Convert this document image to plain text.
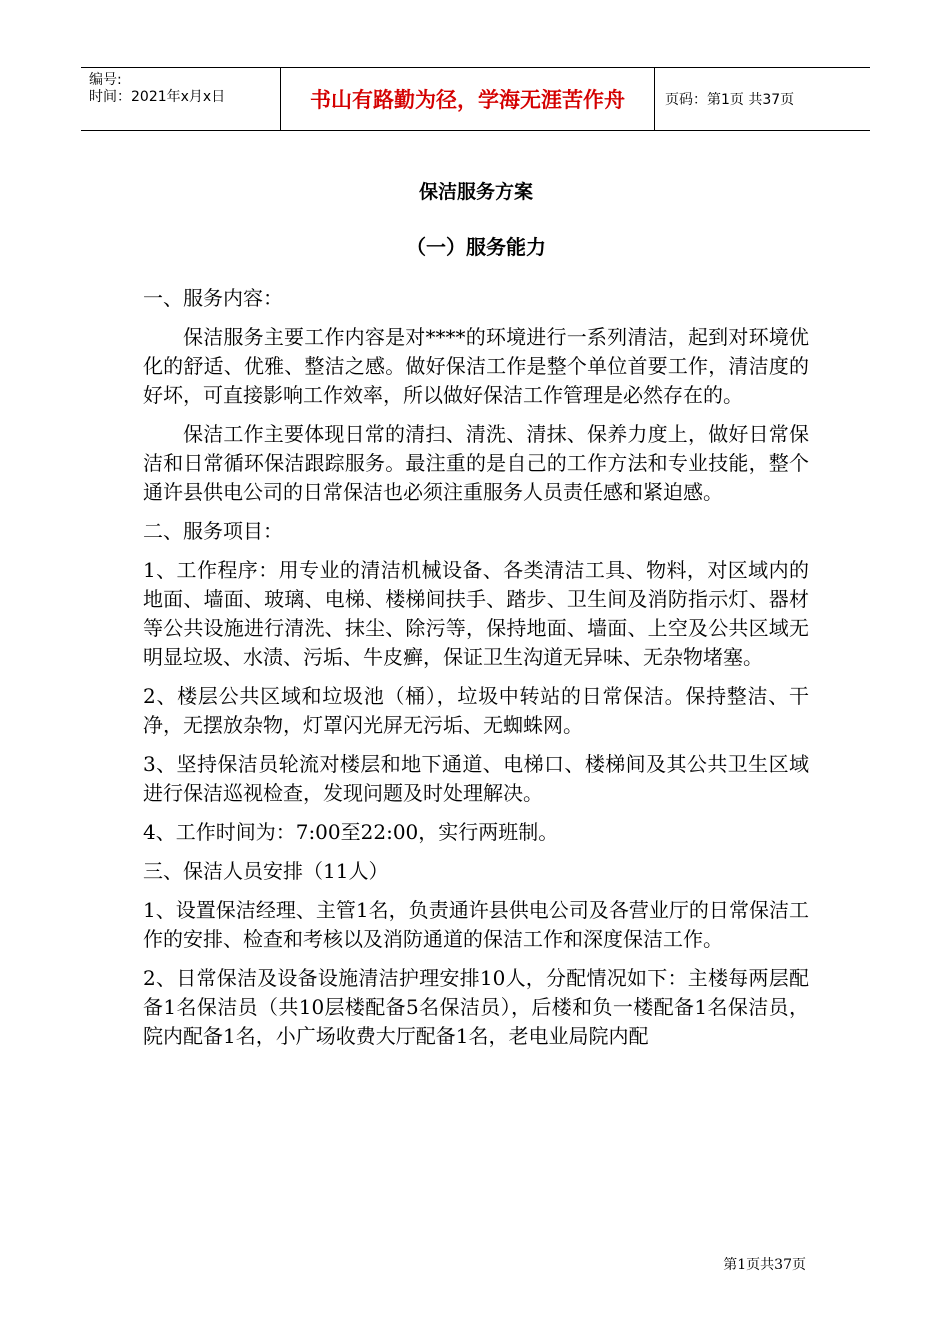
编号:
时间：2021年x月x日	书山有路勤为径，学海无涯苦作舟	页码：第1页 共37页
保洁服务方案
（一）服务能力

一、服务内容：

保洁服务主要工作内容是对****的环境进行一系列清洁，起到对环境优化的舒适、优雅、整洁之感。做好保洁工作是整个单位首要工作，清洁度的好坏，可直接影响工作效率，所以做好保洁工作管理是必然存在的。

保洁工作主要体现日常的清扫、清洗、清抹、保养力度上，做好日常保洁和日常循环保洁跟踪服务。最注重的是自己的工作方法和专业技能，整个通许县供电公司的日常保洁也必须注重服务人员责任感和紧迫感。

二、服务项目：

1、工作程序：用专业的清洁机械设备、各类清洁工具、物料，对区域内的地面、墙面、玻璃、电梯、楼梯间扶手、踏步、卫生间及消防指示灯、器材等公共设施进行清洗、抹尘、除污等，保持地面、墙面、上空及公共区域无明显垃圾、水渍、污垢、牛皮癣，保证卫生沟道无异味、无杂物堵塞。

2、楼层公共区域和垃圾池（桶），垃圾中转站的日常保洁。保持整洁、干净，无摆放杂物，灯罩闪光屏无污垢、无蜘蛛网。

3、坚持保洁员轮流对楼层和地下通道、电梯口、楼梯间及其公共卫生区域进行保洁巡视检查，发现问题及时处理解决。

4、工作时间为：7:00至22:00，实行两班制。

三、保洁人员安排（11人）

1、设置保洁经理、主管1名，负责通许县供电公司及各营业厅的日常保洁工作的安排、检查和考核以及消防通道的保洁工作和深度保洁工作。

2、日常保洁及设备设施清洁护理安排10人，分配情况如下：主楼每两层配备1名保洁员（共10层楼配备5名保洁员），后楼和负一楼配备1名保洁员，院内配备1名，小广场收费大厅配备1名，老电业局院内配

第1页共37页
